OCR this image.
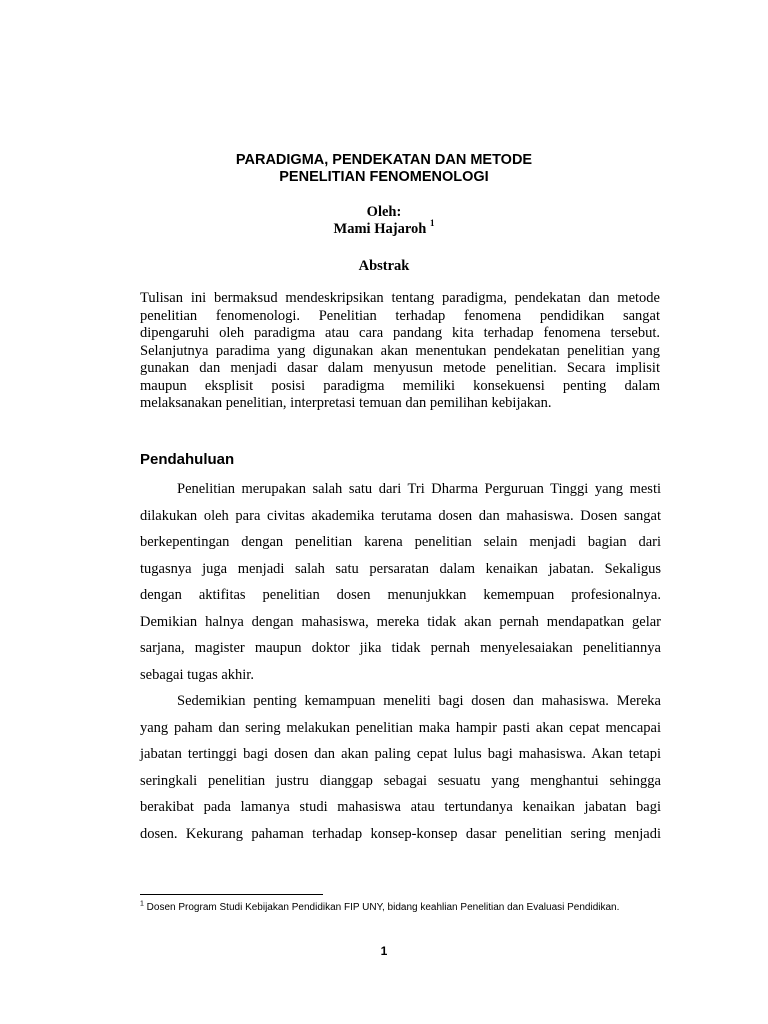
PARADIGMA, PENDEKATAN DAN METODE
PENELITIAN FENOMENOLOGI
Oleh:
Mami Hajaroh $^1$
Abstrak
Tulisan ini bermaksud mendeskripsikan tentang paradigma, pendekatan dan metode
penelitian fenomenologi. Penelitian terhadap fenomena pendidikan sangat
dipengaruhi oleh paradigma atau cara pandang kita terhadap fenomena tersebut.
Selanjutnya paradima yang digunakan akan menentukan pendekatan penelitian yang
gunakan dan menjadi dasar dalam menyusun metode penelitian. Secara implisit
maupun eksplisit posisi paradigma memiliki konsekuensi penting dalam
melaksanakan penelitian, interpretasi temuan dan pemilihan kebijakan.
Pendahuluan
Penelitian merupakan salah satu dari Tri Dharma Perguruan Tinggi yang mesti
dilakukan oleh para civitas akademika terutama dosen dan mahasiswa. Dosen sangat
berkepentingan dengan penelitian karena penelitian selain menjadi bagian dari
tugasnya juga menjadi salah satu persaratan dalam kenaikan jabatan. Sekaligus
dengan aktifitas penelitian dosen menunjukkan kemempuan profesionalnya.
Demikian halnya dengan mahasiswa, mereka tidak akan pernah mendapatkan gelar
sarjana, magister maupun doktor jika tidak pernah menyelesaiakan penelitiannya
sebagai tugas akhir.
Sedemikian penting kemampuan meneliti bagi dosen dan mahasiswa. Mereka
yang paham dan sering melakukan penelitian maka hampir pasti akan cepat mencapai
jabatan tertinggi bagi dosen dan akan paling cepat lulus bagi mahasiswa. Akan tetapi
seringkali penelitian justru dianggap sebagai sesuatu yang menghantui sehingga
berakibat pada lamanya studi mahasiswa atau tertundanya kenaikan jabatan bagi
dosen. Kekurang pahaman terhadap konsep-konsep dasar penelitian sering menjadi
$^1$ Dosen Program Studi Kebijakan Pendidikan FIP UNY, bidang keahlian Penelitian dan Evaluasi Pendidikan.
1
